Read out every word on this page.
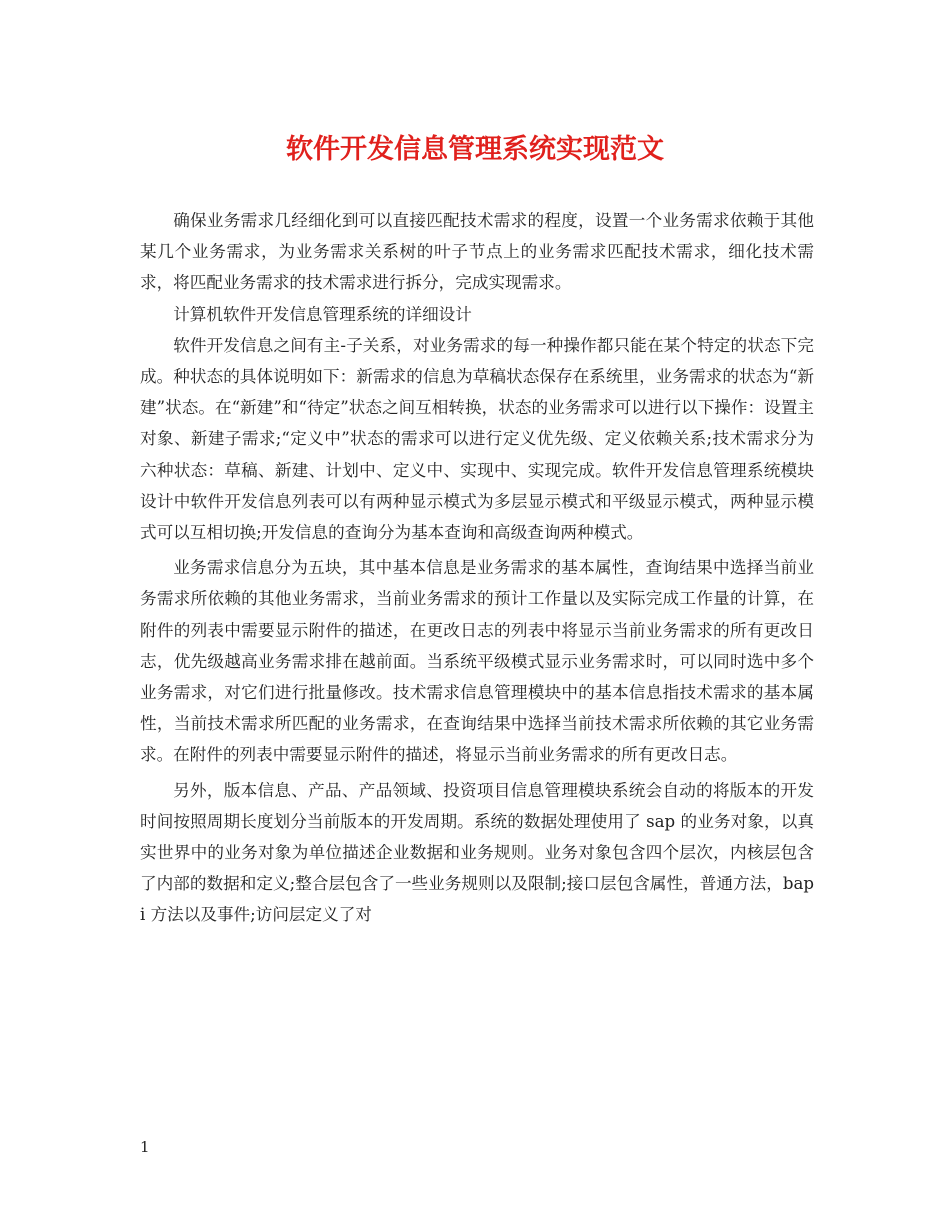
软件开发信息管理系统实现范文

确保业务需求几经细化到可以直接匹配技术需求的程度，设置一个业务需求依赖于其他某几个业务需求，为业务需求关系树的叶子节点上的业务需求匹配技术需求，细化技术需求，将匹配业务需求的技术需求进行拆分，完成实现需求。

计算机软件开发信息管理系统的详细设计

软件开发信息之间有主-子关系，对业务需求的每一种操作都只能在某个特定的状态下完成。种状态的具体说明如下：新需求的信息为草稿状态保存在系统里，业务需求的状态为“新建”状态。在“新建”和“待定”状态之间互相转换，状态的业务需求可以进行以下操作：设置主对象、新建子需求;“定义中”状态的需求可以进行定义优先级、定义依赖关系;技术需求分为六种状态：草稿、新建、计划中、定义中、实现中、实现完成。软件开发信息管理系统模块设计中软件开发信息列表可以有两种显示模式为多层显示模式和平级显示模式，两种显示模式可以互相切换;开发信息的查询分为基本查询和高级查询两种模式。

业务需求信息分为五块，其中基本信息是业务需求的基本属性，查询结果中选择当前业务需求所依赖的其他业务需求，当前业务需求的预计工作量以及实际完成工作量的计算，在附件的列表中需要显示附件的描述，在更改日志的列表中将显示当前业务需求的所有更改日志，优先级越高业务需求排在越前面。当系统平级模式显示业务需求时，可以同时选中多个业务需求，对它们进行批量修改。技术需求信息管理模块中的基本信息指技术需求的基本属性，当前技术需求所匹配的业务需求，在查询结果中选择当前技术需求所依赖的其它业务需求。在附件的列表中需要显示附件的描述，将显示当前业务需求的所有更改日志。

另外，版本信息、产品、产品领域、投资项目信息管理模块系统会自动的将版本的开发时间按照周期长度划分当前版本的开发周期。系统的数据处理使用了 sap 的业务对象，以真实世界中的业务对象为单位描述企业数据和业务规则。业务对象包含四个层次，内核层包含了内部的数据和定义;整合层包含了一些业务规则以及限制;接口层包含属性，普通方法，bapi 方法以及事件;访问层定义了对

1
